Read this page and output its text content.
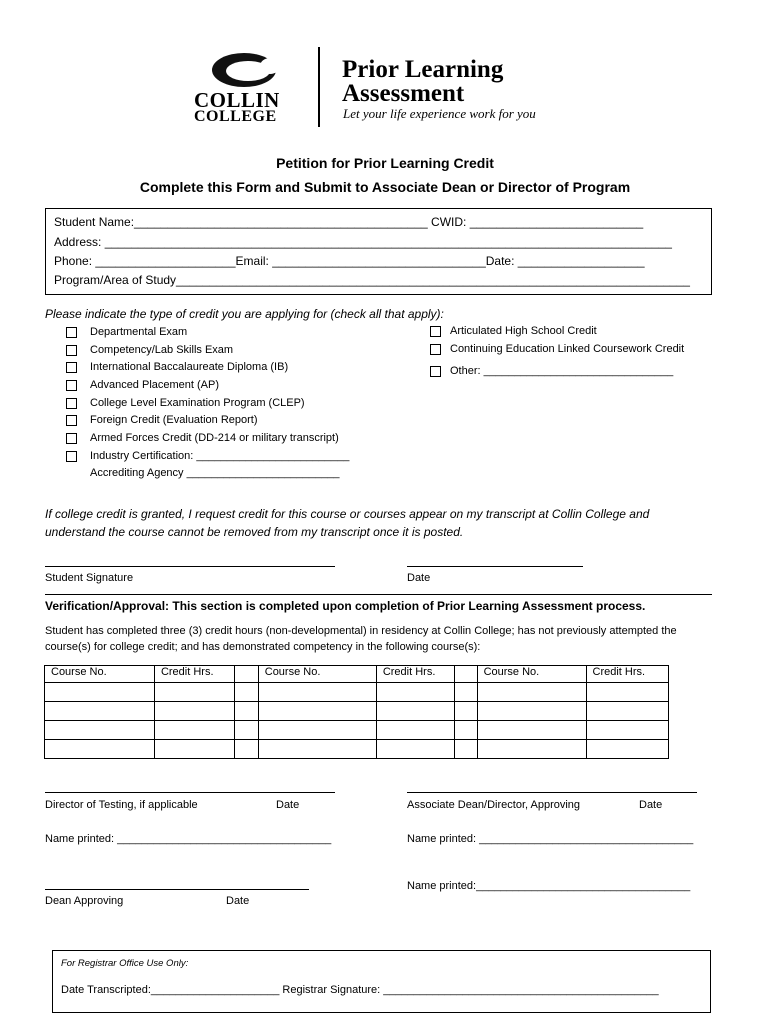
COLLIN
COLLEGE
Prior Learning
Assessment
Let your life experience work for you
Petition for Prior Learning Credit
Complete this Form and Submit to Associate Dean or Director of Program
Student Name:____________________________________________ CWID: __________________________
Address: _____________________________________________________________________________________
Phone: _____________________Email: ________________________________Date: ___________________
Program/Area of Study_____________________________________________________________________________
Please indicate the type of credit you are applying for (check all that apply):
Departmental Exam
Competency/Lab Skills Exam
International Baccalaureate Diploma (IB)
Advanced Placement (AP)
College Level Examination Program (CLEP)
Foreign Credit (Evaluation Report)
Armed Forces Credit (DD-214 or military transcript)
Industry Certification: _________________________
Accrediting Agency _________________________
Articulated High School Credit
Continuing Education Linked Coursework Credit
Other: _______________________________
If college credit is granted, I request credit for this course or courses appear on my transcript at Collin College and
understand the course cannot be removed from my transcript once it is posted.
Student Signature	Date
Verification/Approval: This section is completed upon completion of Prior Learning Assessment process.
Student has completed three (3) credit hours (non-developmental) in residency at Collin College; has not previously attempted the
course(s) for college credit; and has demonstrated competency in the following course(s):
Course No.	Credit Hrs.		Course No.	Credit Hrs.		Course No.	Credit Hrs.

Director of Testing, if applicable	Date	Associate Dean/Director, Approving	Date
Name printed: ___________________________________	Name printed: ___________________________________
Name printed:___________________________________
Dean Approving	Date
For Registrar Office Use Only:
Date Transcripted:_____________________ Registrar Signature: _____________________________________________
